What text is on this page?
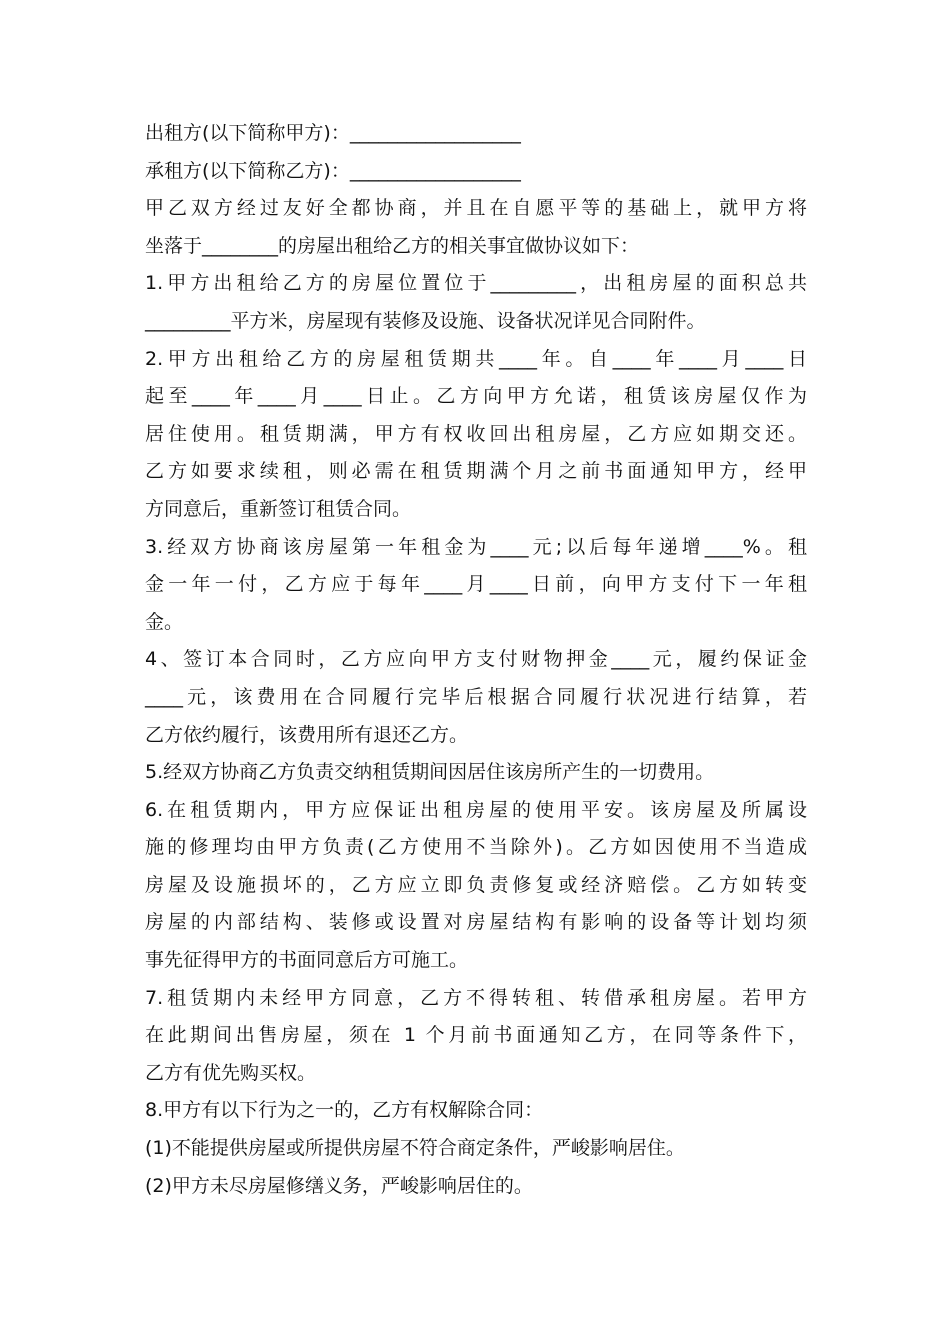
出租方(以下简称甲方)：__________________
承租方(以下简称乙方)：__________________
甲乙双方经过友好全都协商，并且在自愿平等的基础上，就甲方将
坐落于________的房屋出租给乙方的相关事宜做协议如下：
1.甲方出租给乙方的房屋位置位于_________，出租房屋的面积总共
_________平方米，房屋现有装修及设施、设备状况详见合同附件。
2.甲方出租给乙方的房屋租赁期共____年。自____年____月____日
起至____年____月____日止。乙方向甲方允诺，租赁该房屋仅作为
居住使用。租赁期满，甲方有权收回出租房屋，乙方应如期交还。
乙方如要求续租，则必需在租赁期满个月之前书面通知甲方，经甲
方同意后，重新签订租赁合同。
3.经双方协商该房屋第一年租金为____元;以后每年递增____%。租
金一年一付，乙方应于每年____月____日前，向甲方支付下一年租
金。
4、签订本合同时，乙方应向甲方支付财物押金____元，履约保证金
____元，该费用在合同履行完毕后根据合同履行状况进行结算，若
乙方依约履行，该费用所有退还乙方。
5.经双方协商乙方负责交纳租赁期间因居住该房所产生的一切费用。
6.在租赁期内，甲方应保证出租房屋的使用平安。该房屋及所属设
施的修理均由甲方负责(乙方使用不当除外)。乙方如因使用不当造成
房屋及设施损坏的，乙方应立即负责修复或经济赔偿。乙方如转变
房屋的内部结构、装修或设置对房屋结构有影响的设备等计划均须
事先征得甲方的书面同意后方可施工。
7.租赁期内未经甲方同意，乙方不得转租、转借承租房屋。若甲方
在此期间出售房屋，须在 1 个月前书面通知乙方，在同等条件下，
乙方有优先购买权。
8.甲方有以下行为之一的，乙方有权解除合同：
(1)不能提供房屋或所提供房屋不符合商定条件，严峻影响居住。
(2)甲方未尽房屋修缮义务，严峻影响居住的。
